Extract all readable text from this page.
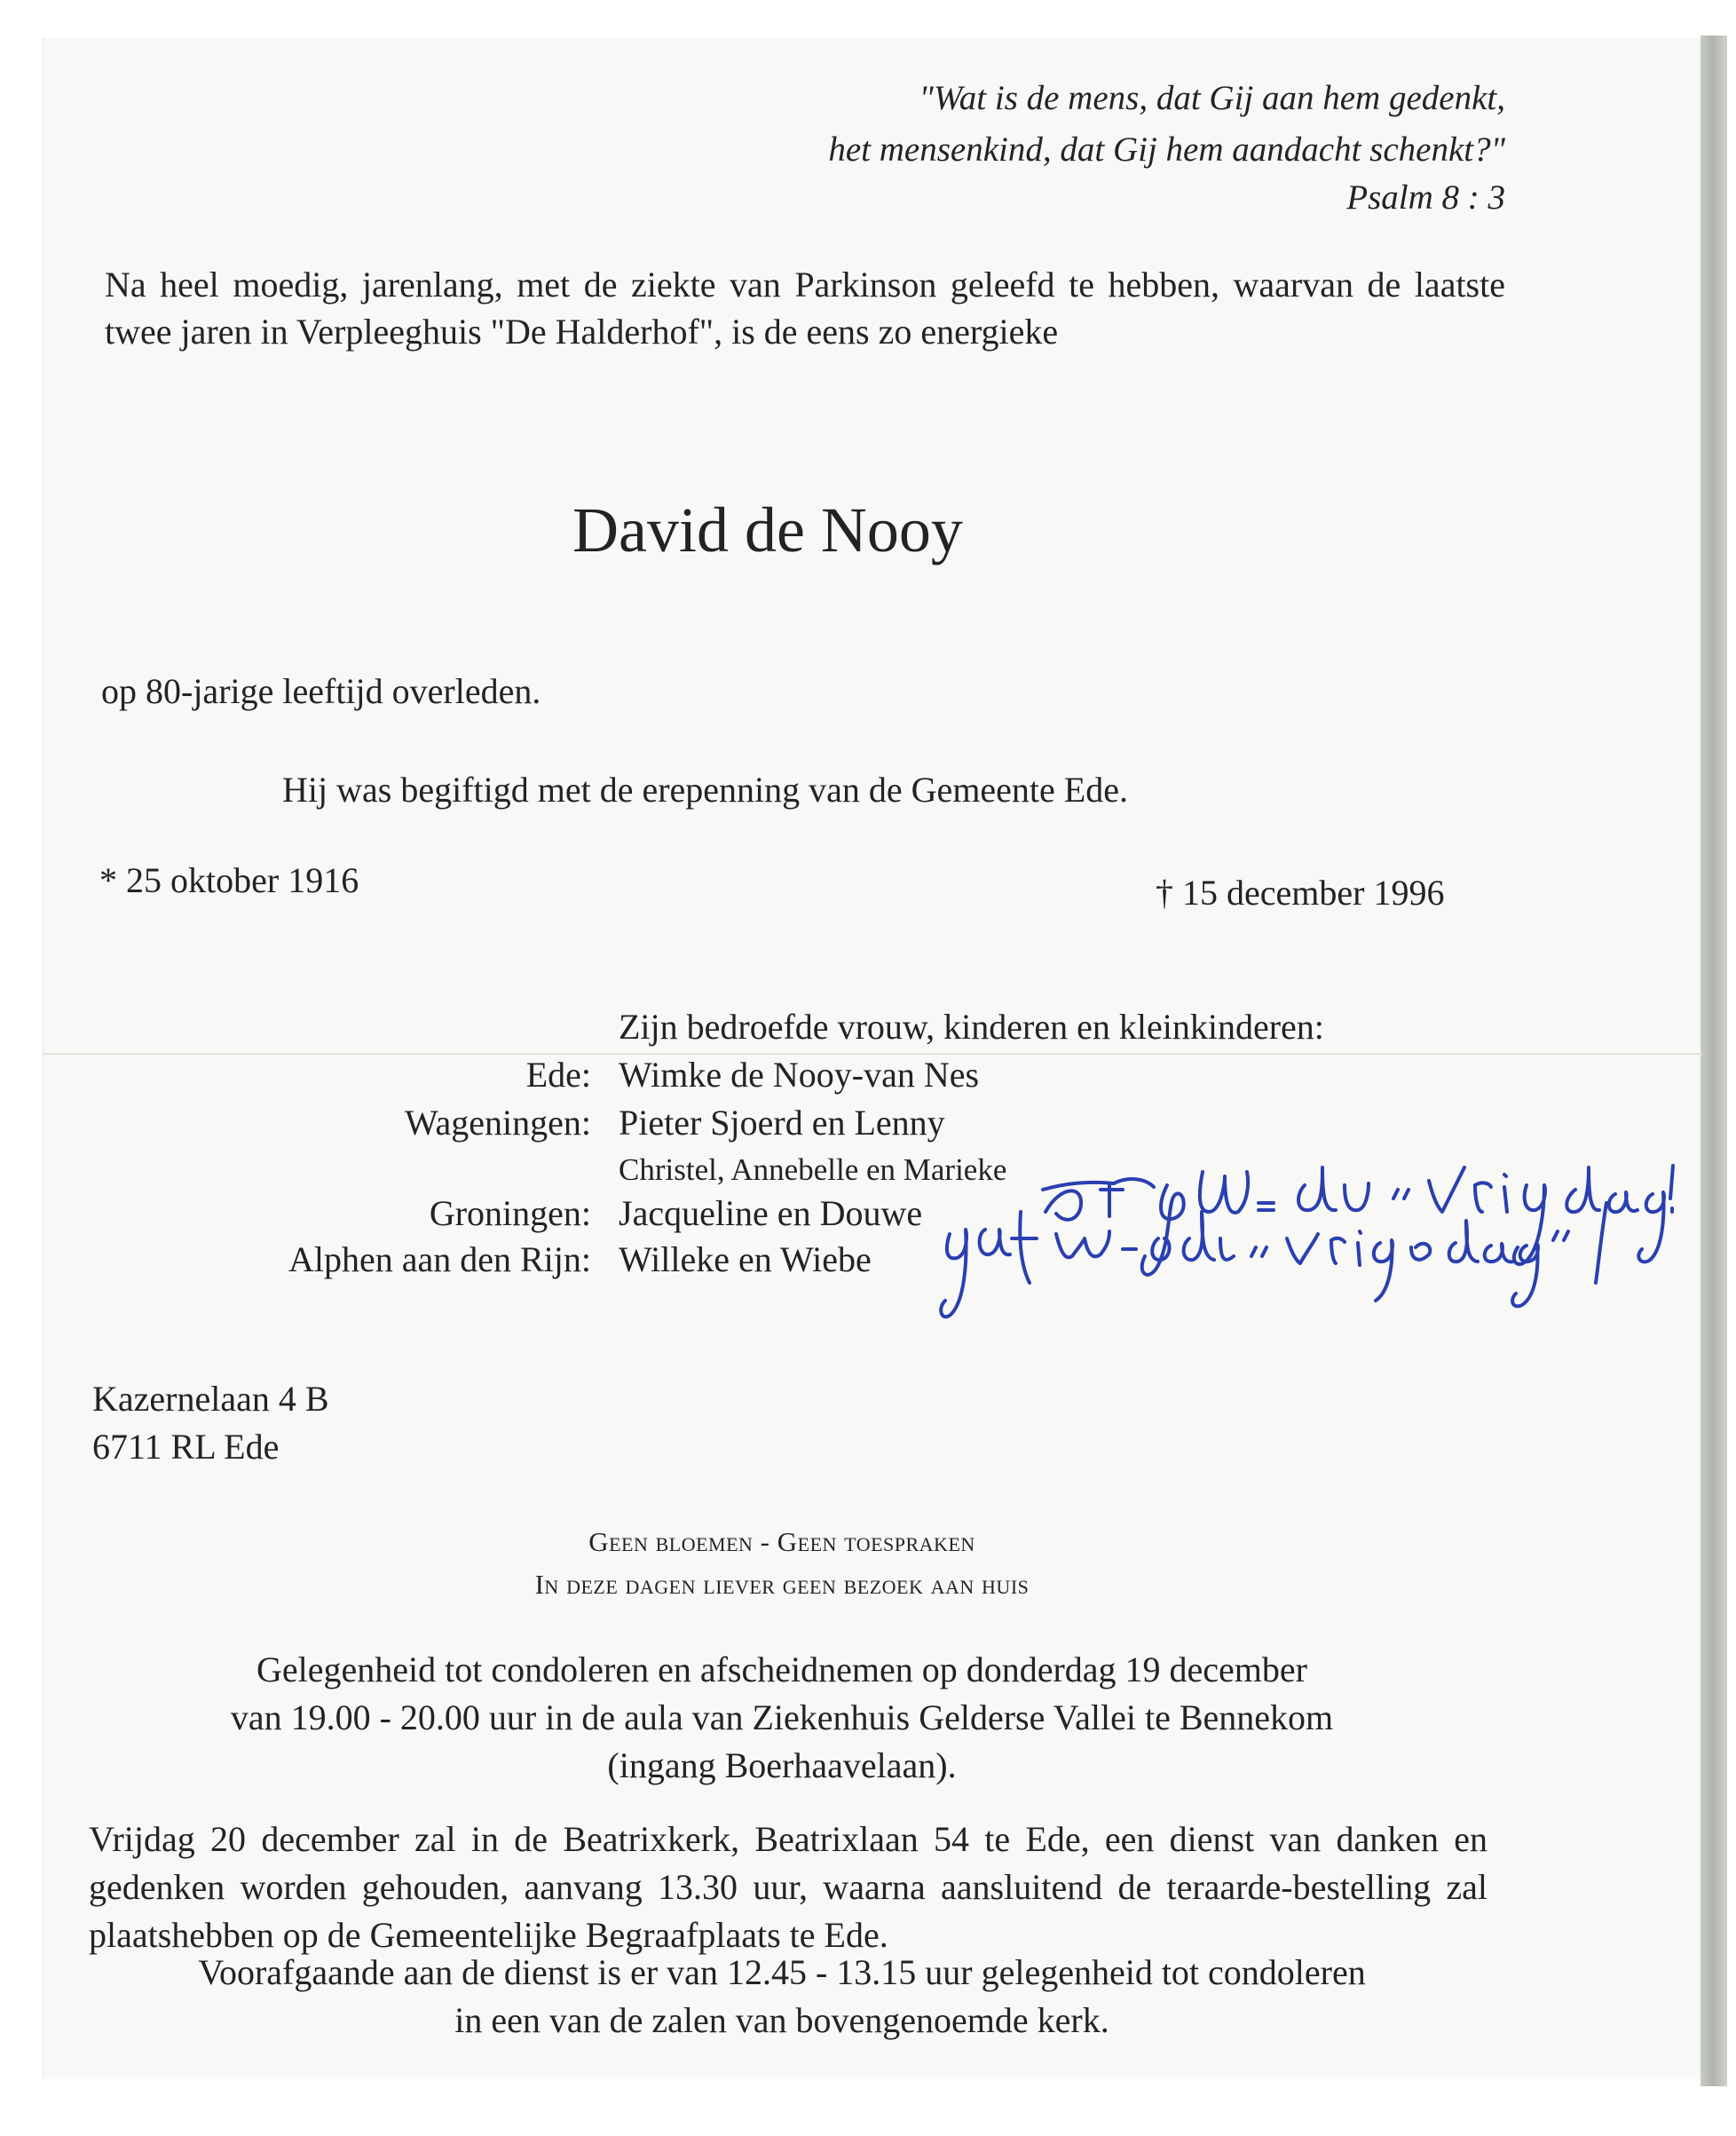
"Wat is de mens, dat Gij aan hem gedenkt,
het mensenkind, dat Gij hem aandacht schenkt?"
Psalm 8 : 3
Na heel moedig, jarenlang, met de ziekte van Parkinson geleefd te hebben, waarvan de laatste twee jaren in Verpleeghuis "De Halderhof", is de eens zo energieke
David de Nooy
op 80-jarige leeftijd overleden.
Hij was begiftigd met de erepenning van de Gemeente Ede.
* 25 oktober 1916	† 15 december 1996
Zijn bedroefde vrouw, kinderen en kleinkinderen:
Ede: Wimke de Nooy-van Nes
Wageningen: Pieter Sjoerd en Lenny
Christel, Annebelle en Marieke
Groningen: Jacqueline en Douwe
Alphen aan den Rijn: Willeke en Wiebe
Kazernelaan 4 B
6711 RL Ede
Geen bloemen - Geen toespraken
In deze dagen liever geen bezoek aan huis
Gelegenheid tot condoleren en afscheidnemen op donderdag 19 december
van 19.00 - 20.00 uur in de aula van Ziekenhuis Gelderse Vallei te Bennekom
(ingang Boerhaavelaan).
Vrijdag 20 december zal in de Beatrixkerk, Beatrixlaan 54 te Ede, een dienst van danken en gedenken worden gehouden, aanvang 13.30 uur, waarna aansluitend de teraarde-bestelling zal plaatshebben op de Gemeentelijke Begraafplaats te Ede.
Voorafgaande aan de dienst is er van 12.45 - 13.15 uur gelegenheid tot condoleren
in een van de zalen van bovengenoemde kerk.
